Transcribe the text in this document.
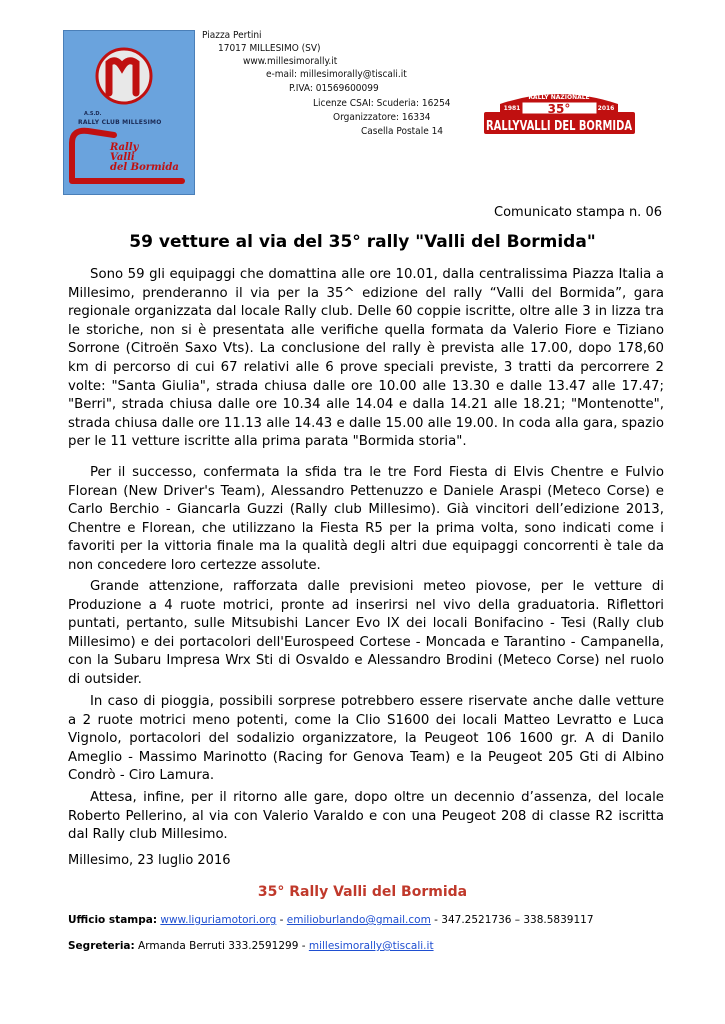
A.S.D.
RALLY CLUB MILLESIMO
Rally
Valli
del Bormida
Piazza Pertini
17017 MILLESIMO (SV)
www.millesimorally.it
e-mail: millesimorally@tiscali.it
P.IVA: 01569600099
Licenze CSAI: Scuderia: 16254
Organizzatore: 16334
Casella Postale 14
RALLY NAZIONALE
1981 35°	2016
RALLYVALLI DEL BORMIDA
Comunicato stampa n. 06
59 vetture al via del 35° rally "Valli del Bormida"
Sono 59 gli equipaggi che domattina alle ore 10.01, dalla centralissima Piazza Italia a Millesimo, prenderanno il via per la 35^ edizione del rally “Valli del Bormida”, gara regionale organizzata dal locale Rally club. Delle 60 coppie iscritte, oltre alle 3 in lizza tra le storiche, non si è presentata alle verifiche quella formata da Valerio Fiore e Tiziano Sorrone (Citroën Saxo Vts). La conclusione del rally è prevista alle 17.00, dopo 178,60 km di percorso di cui 67 relativi alle 6 prove speciali previste, 3 tratti da percorrere 2 volte: "Santa Giulia", strada chiusa dalle ore 10.00 alle 13.30 e dalle 13.47 alle 17.47; "Berri", strada chiusa dalle ore 10.34 alle 14.04 e dalla 14.21 alle 18.21; "Montenotte", strada chiusa dalle ore 11.13 alle 14.43 e dalle 15.00 alle 19.00. In coda alla gara, spazio per le 11 vetture iscritte alla prima parata "Bormida storia".
Per il successo, confermata la sfida tra le tre Ford Fiesta di Elvis Chentre e Fulvio Florean (New Driver's Team), Alessandro Pettenuzzo e Daniele Araspi (Meteco Corse) e Carlo Berchio - Giancarla Guzzi (Rally club Millesimo). Già vincitori dell’edizione 2013, Chentre e Florean, che utilizzano la Fiesta R5 per la prima volta, sono indicati come i favoriti per la vittoria finale ma la qualità degli altri due equipaggi concorrenti è tale da non concedere loro certezze assolute.
Grande attenzione, rafforzata dalle previsioni meteo piovose, per le vetture di Produzione a 4 ruote motrici, pronte ad inserirsi nel vivo della graduatoria. Riflettori puntati, pertanto, sulle Mitsubishi Lancer Evo IX dei locali Bonifacino - Tesi (Rally club Millesimo) e dei portacolori dell'Eurospeed Cortese - Moncada e Tarantino - Campanella, con la Subaru Impresa Wrx Sti di Osvaldo e Alessandro Brodini (Meteco Corse) nel ruolo di outsider.
In caso di pioggia, possibili sorprese potrebbero essere riservate anche dalle vetture a 2 ruote motrici meno potenti, come la Clio S1600 dei locali Matteo Levratto e Luca Vignolo, portacolori del sodalizio organizzatore, la Peugeot 106 1600 gr. A di Danilo Ameglio - Massimo Marinotto (Racing for Genova Team) e la Peugeot 205 Gti di Albino Condrò - Ciro Lamura.
Attesa, infine, per il ritorno alle gare, dopo oltre un decennio d’assenza, del locale Roberto Pellerino, al via con Valerio Varaldo e con una Peugeot 208 di classe R2 iscritta dal Rally club Millesimo.
Millesimo, 23 luglio 2016
35° Rally Valli del Bormida
Ufficio stampa: www.liguriamotori.org - emilioburlando@gmail.com - 347.2521736 – 338.5839117
Segreteria: Armanda Berruti 333.2591299 - millesimorally@tiscali.it
